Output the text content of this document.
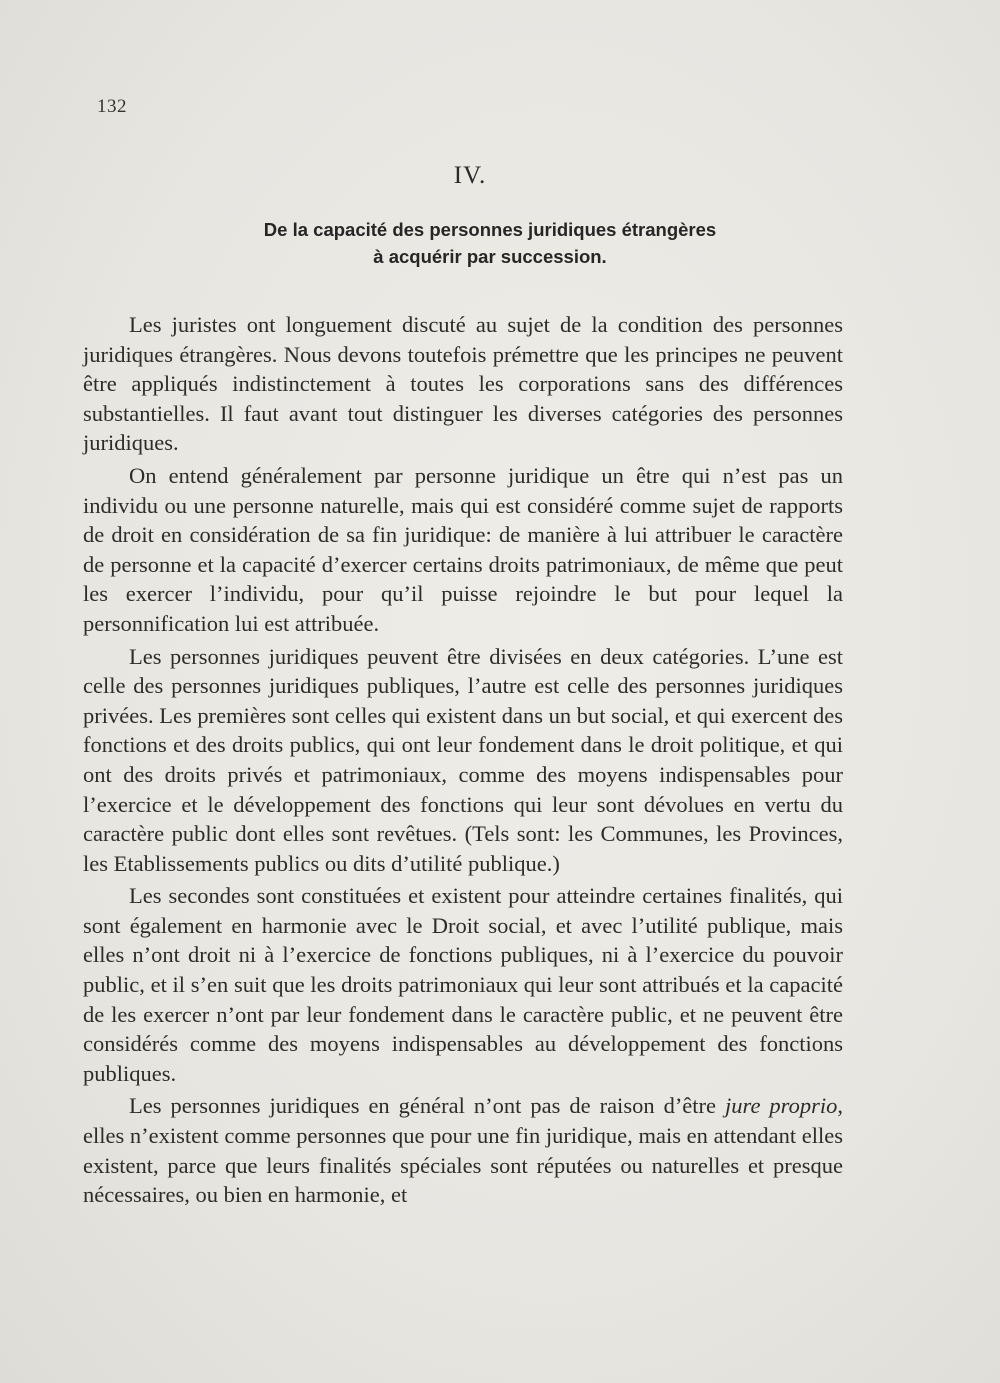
132
IV.
De la capacité des personnes juridiques étrangères
à acquérir par succession.

Les juristes ont longuement discuté au sujet de la condition des personnes juridiques étrangères. Nous devons toutefois prémettre que les principes ne peuvent être appliqués indistinctement à toutes les corporations sans des différences substantielles. Il faut avant tout distinguer les diverses catégories des personnes juridiques.

On entend généralement par personne juridique un être qui n’est pas un individu ou une personne naturelle, mais qui est considéré comme sujet de rapports de droit en considération de sa fin juridique: de manière à lui attribuer le caractère de personne et la capacité d’exercer certains droits patrimoniaux, de même que peut les exercer l’individu, pour qu’il puisse rejoindre le but pour lequel la personnification lui est attribuée.

Les personnes juridiques peuvent être divisées en deux catégories. L’une est celle des personnes juridiques publiques, l’autre est celle des personnes juridiques privées. Les premières sont celles qui existent dans un but social, et qui exercent des fonctions et des droits publics, qui ont leur fondement dans le droit politique, et qui ont des droits privés et patrimoniaux, comme des moyens indispensables pour l’exercice et le développement des fonctions qui leur sont dévolues en vertu du caractère public dont elles sont revêtues. (Tels sont: les Communes, les Provinces, les Etablissements publics ou dits d’utilité publique.)

Les secondes sont constituées et existent pour atteindre certaines finalités, qui sont également en harmonie avec le Droit social, et avec l’utilité publique, mais elles n’ont droit ni à l’exercice de fonctions publiques, ni à l’exercice du pouvoir public, et il s’en suit que les droits patrimoniaux qui leur sont attribués et la capacité de les exercer n’ont par leur fondement dans le caractère public, et ne peuvent être considérés comme des moyens indispensables au développement des fonctions publiques.

Les personnes juridiques en général n’ont pas de raison d’être jure proprio, elles n’existent comme personnes que pour une fin juridique, mais en attendant elles existent, parce que leurs finalités spéciales sont réputées ou naturelles et presque nécessaires, ou bien en harmonie, et
